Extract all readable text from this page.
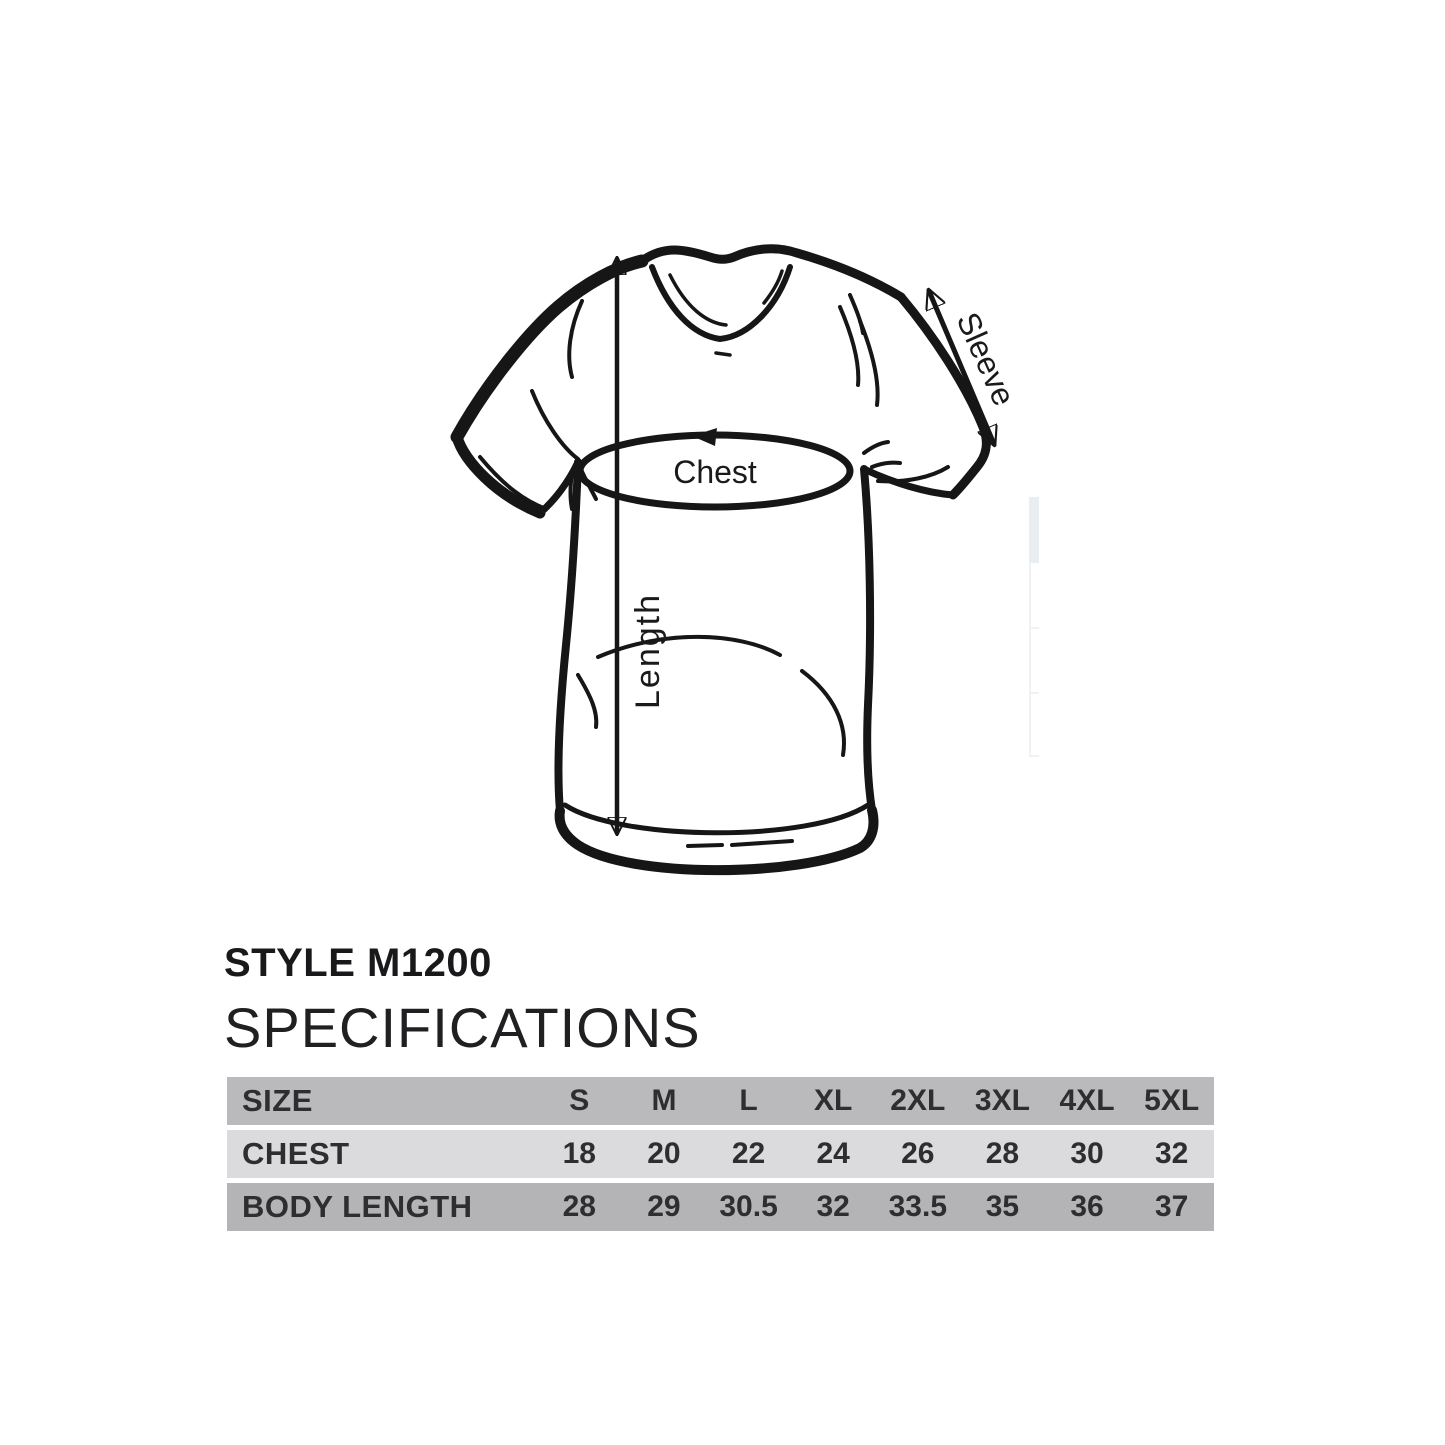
Chest
Length
Sleeve
STYLE M1200
SPECIFICATIONS
SIZE	S	M	L	XL	2XL 3XL 4XL 5XL
CHEST	18	20	22	24	26	28	30	32
BODY LENGTH	28	29	30.5	32	33.5	35	36	37
